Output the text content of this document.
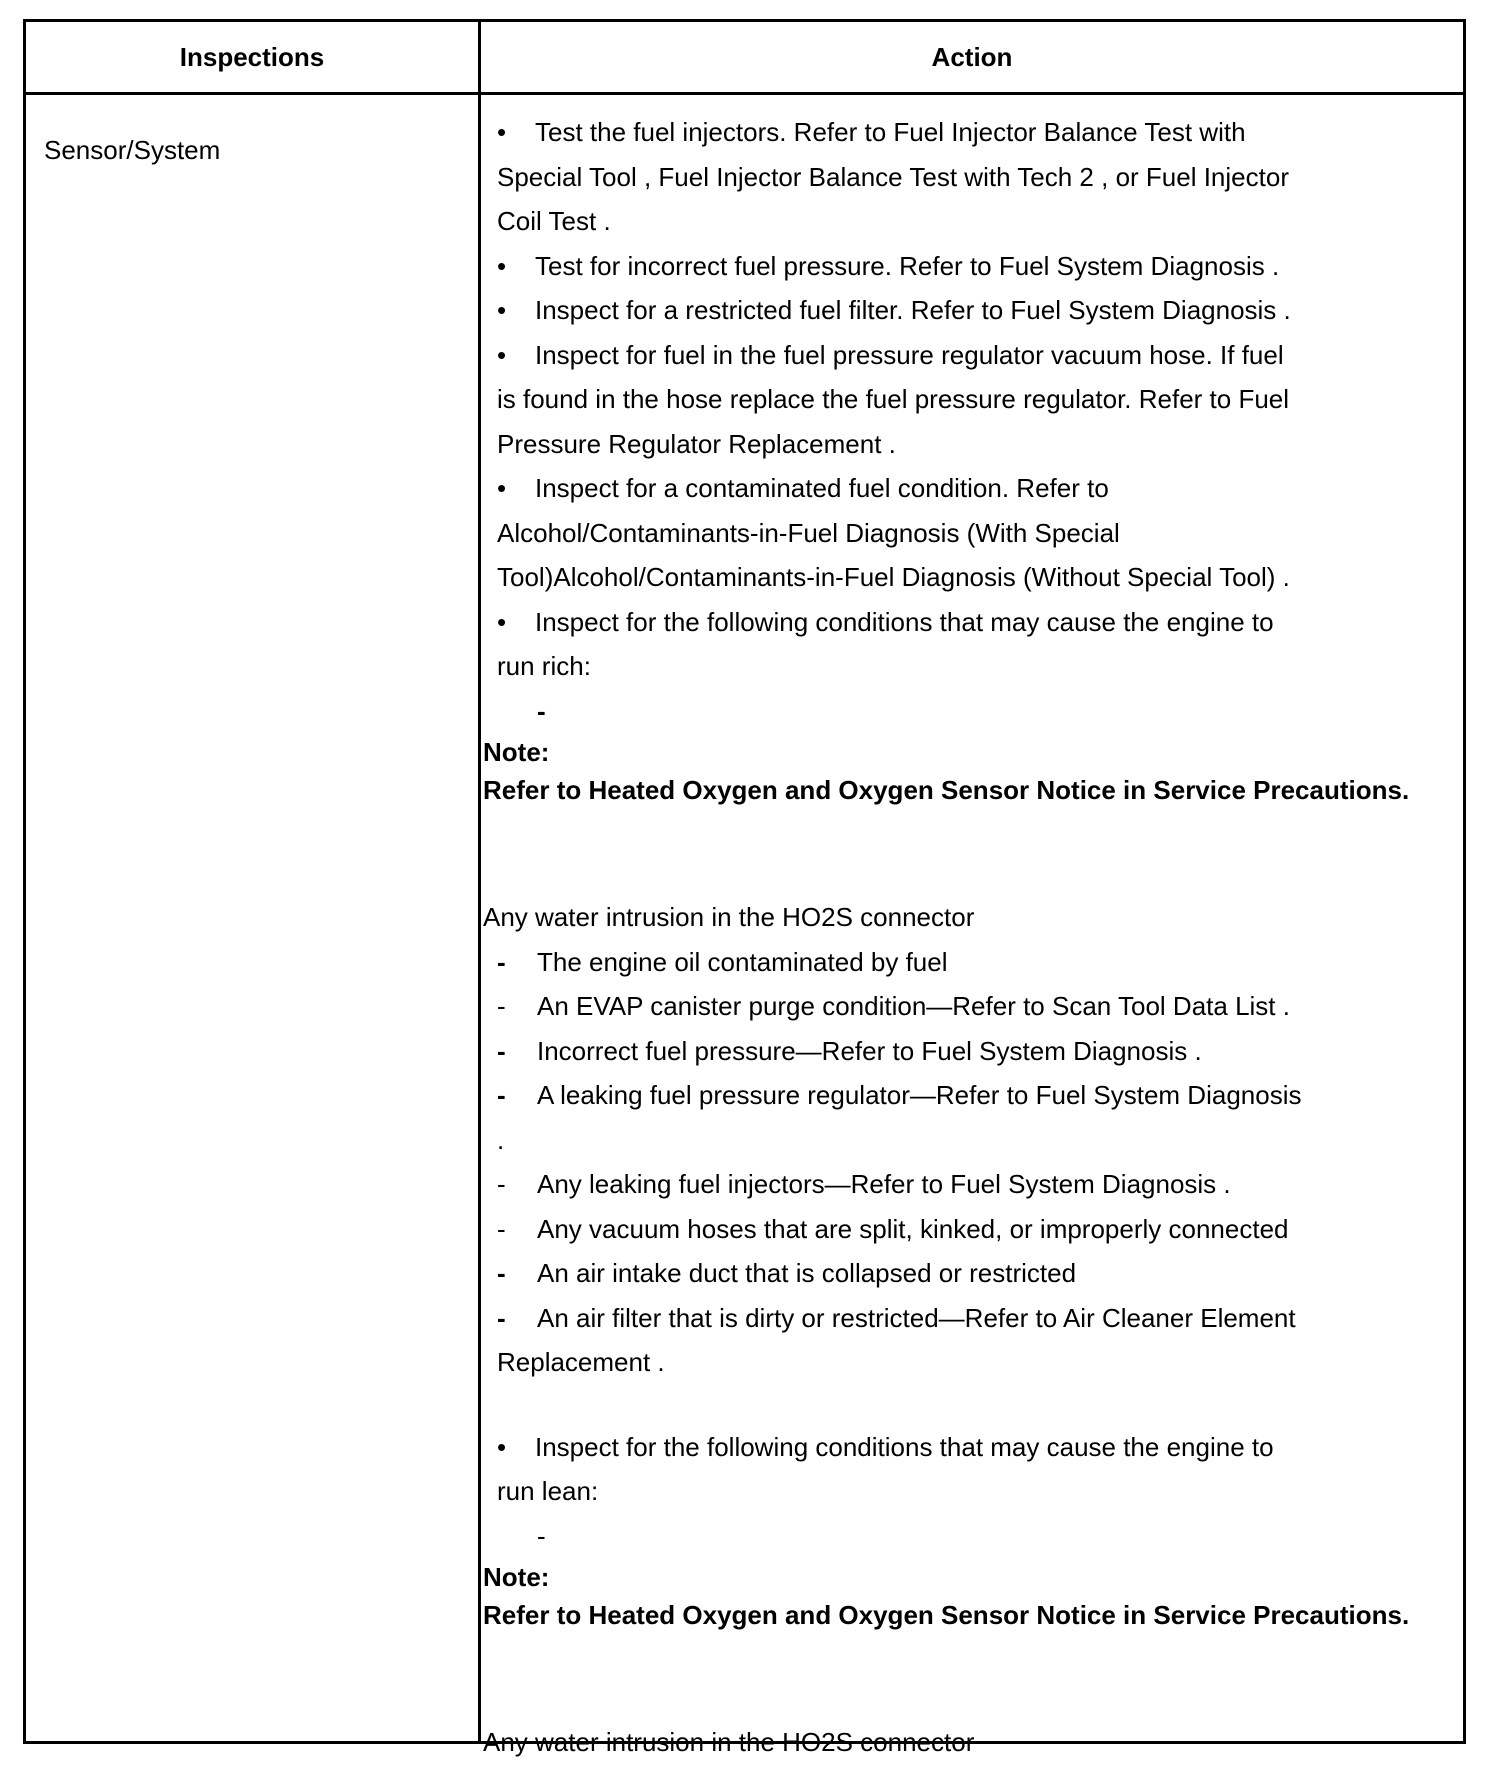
Inspections	Action
Sensor/System

• Test the fuel injectors. Refer to Fuel Injector Balance Test with

Special Tool , Fuel Injector Balance Test with Tech 2 , or Fuel Injector

Coil Test .

• Test for incorrect fuel pressure. Refer to Fuel System Diagnosis .

• Inspect for a restricted fuel filter. Refer to Fuel System Diagnosis .

• Inspect for fuel in the fuel pressure regulator vacuum hose. If fuel

is found in the hose replace the fuel pressure regulator. Refer to Fuel

Pressure Regulator Replacement .

• Inspect for a contaminated fuel condition. Refer to

Alcohol/Contaminants-in-Fuel Diagnosis (With Special

Tool)Alcohol/Contaminants-in-Fuel Diagnosis (Without Special Tool) .

• Inspect for the following conditions that may cause the engine to

run rich:

-

Note:

Refer to Heated Oxygen and Oxygen Sensor Notice in Service Precautions.

Any water intrusion in the HO2S connector

- The engine oil contaminated by fuel

- An EVAP canister purge condition—Refer to Scan Tool Data List .

- Incorrect fuel pressure—Refer to Fuel System Diagnosis .

- A leaking fuel pressure regulator—Refer to Fuel System Diagnosis

.

- Any leaking fuel injectors—Refer to Fuel System Diagnosis .

- Any vacuum hoses that are split, kinked, or improperly connected

- An air intake duct that is collapsed or restricted

- An air filter that is dirty or restricted—Refer to Air Cleaner Element

Replacement .

• Inspect for the following conditions that may cause the engine to

run lean:

-

Note:

Refer to Heated Oxygen and Oxygen Sensor Notice in Service Precautions.

Any water intrusion in the HO2S connector
